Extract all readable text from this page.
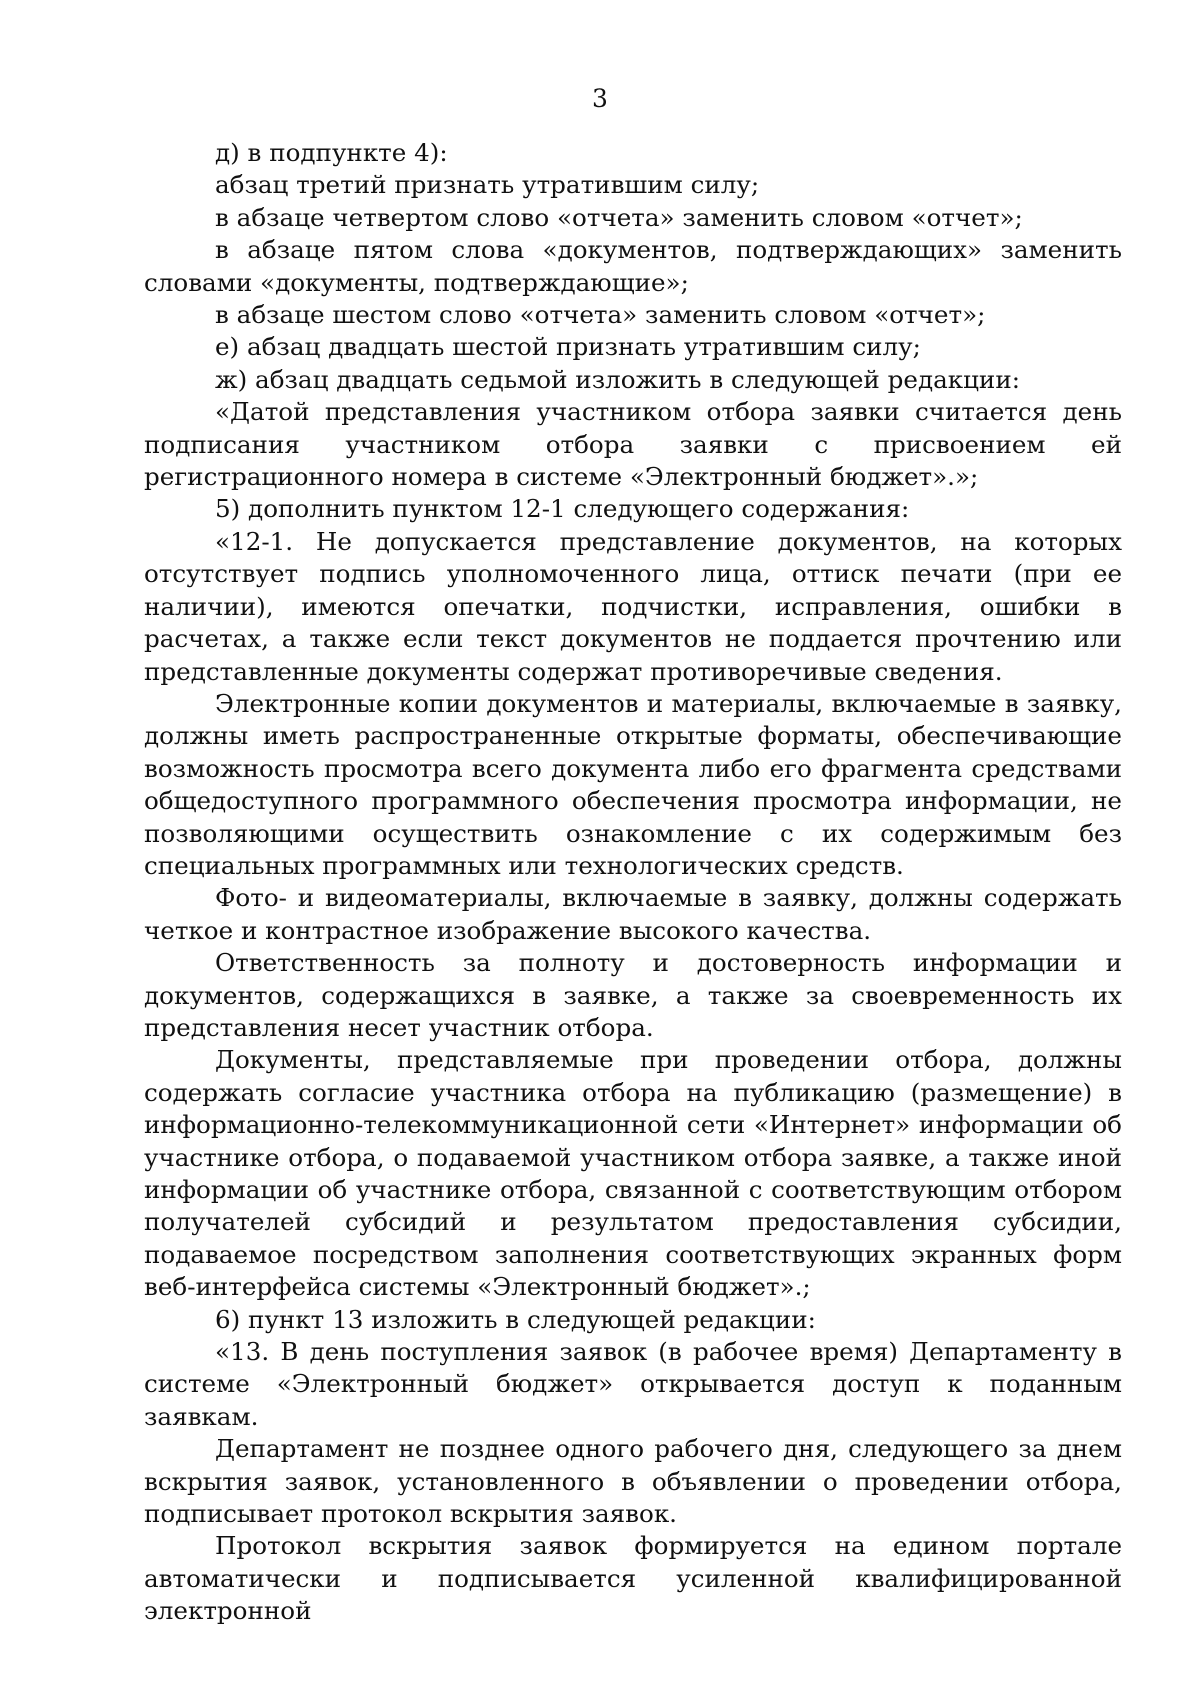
3

д) в подпункте 4):

абзац третий признать утратившим силу;

в абзаце четвертом слово «отчета» заменить словом «отчет»;

в абзаце пятом слова «документов, подтверждающих» заменить словами «документы, подтверждающие»;

в абзаце шестом слово «отчета» заменить словом «отчет»;

е) абзац двадцать шестой признать утратившим силу;

ж) абзац двадцать седьмой изложить в следующей редакции:

«Датой представления участником отбора заявки считается день подписания участником отбора заявки с присвоением ей регистрационного номера в системе «Электронный бюджет».»;

5) дополнить пунктом 12-1 следующего содержания:

«12-1. Не допускается представление документов, на которых отсутствует подпись уполномоченного лица, оттиск печати (при ее наличии), имеются опечатки, подчистки, исправления, ошибки в расчетах, а также если текст документов не поддается прочтению или представленные документы содержат противоречивые сведения.

Электронные копии документов и материалы, включаемые в заявку, должны иметь распространенные открытые форматы, обеспечивающие возможность просмотра всего документа либо его фрагмента средствами общедоступного программного обеспечения просмотра информации, не позволяющими осуществить ознакомление с их содержимым без специальных программных или технологических средств.

Фото- и видеоматериалы, включаемые в заявку, должны содержать четкое и контрастное изображение высокого качества.

Ответственность за полноту и достоверность информации и документов, содержащихся в заявке, а также за своевременность их представления несет участник отбора.

Документы, представляемые при проведении отбора, должны содержать согласие участника отбора на публикацию (размещение) в информационно-телекоммуникационной сети «Интернет» информации об участнике отбора, о подаваемой участником отбора заявке, а также иной информации об участнике отбора, связанной с соответствующим отбором получателей субсидий и результатом предоставления субсидии, подаваемое посредством заполнения соответствующих экранных форм веб-интерфейса системы «Электронный бюджет».;

6) пункт 13 изложить в следующей редакции:

«13. В день поступления заявок (в рабочее время) Департаменту в системе «Электронный бюджет» открывается доступ к поданным заявкам.

Департамент не позднее одного рабочего дня, следующего за днем вскрытия заявок, установленного в объявлении о проведении отбора, подписывает протокол вскрытия заявок.

Протокол вскрытия заявок формируется на едином портале автоматически и подписывается усиленной квалифицированной электронной
